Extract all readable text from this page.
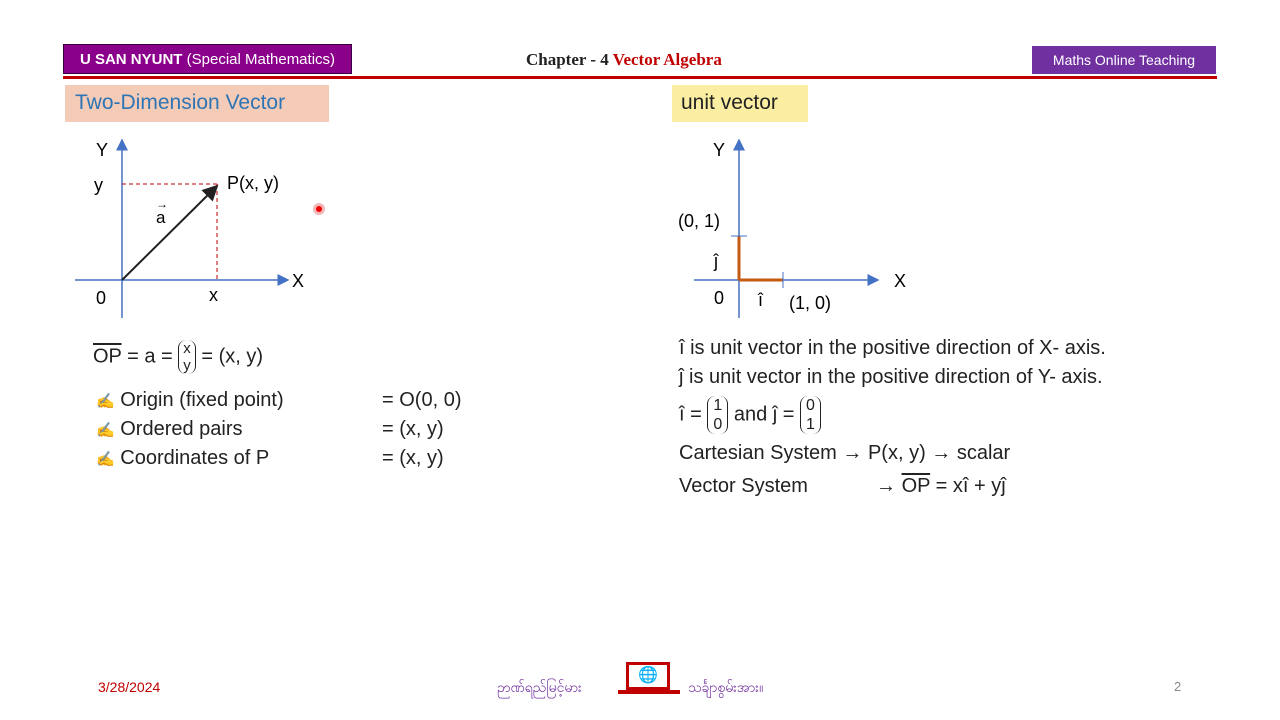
U SAN NYUNT (Special Mathematics)	Chapter - 4 Vector Algebra	Maths Online Teaching
Two-Dimension Vector	unit vector
Y
X
0
y
x
P(x, y)
a
→
Y
X
0
(0, 1)
(1, 0)
î
ĵ
$\overline{OP} = a = x$
y = (x, y)
✍ Origin (fixed point)	= O(0, 0)
✍ Ordered pairs	= (x, y)
✍ Coordinates of P	= (x, y)
î is unit vector in the positive direction of X- axis.
ĵ is unit vector in the positive direction of Y- axis.
î = 1
0 and ĵ = 0
1
Cartesian System → P(x, y) → scalar
Vector System	→ $\overline{OP}$ = xî + yĵ
3/28/2024	ဉာဏ်ရည်မြင့်မား
🌐
သင်္ချာစွမ်းအား။	2
